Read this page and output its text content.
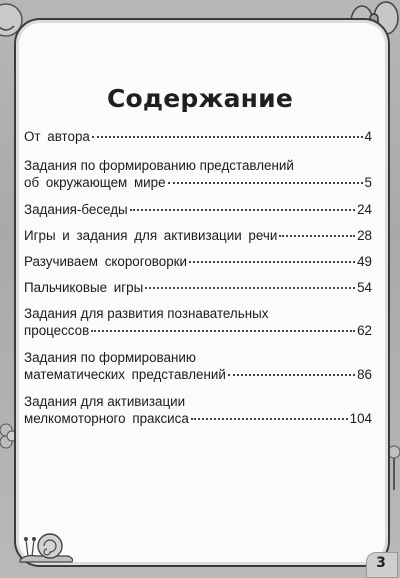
Содержание
От автора	4
Задания по формированию представлений
об окружающем мире	5
Задания-беседы	24
Игры и задания для активизации речи	28
Разучиваем скороговорки	49
Пальчиковые игры	54
Задания для развития познавательных
процессов	62
Задания по формированию
математических представлений	86
Задания для активизации
мелкомоторного праксиса	104
3
